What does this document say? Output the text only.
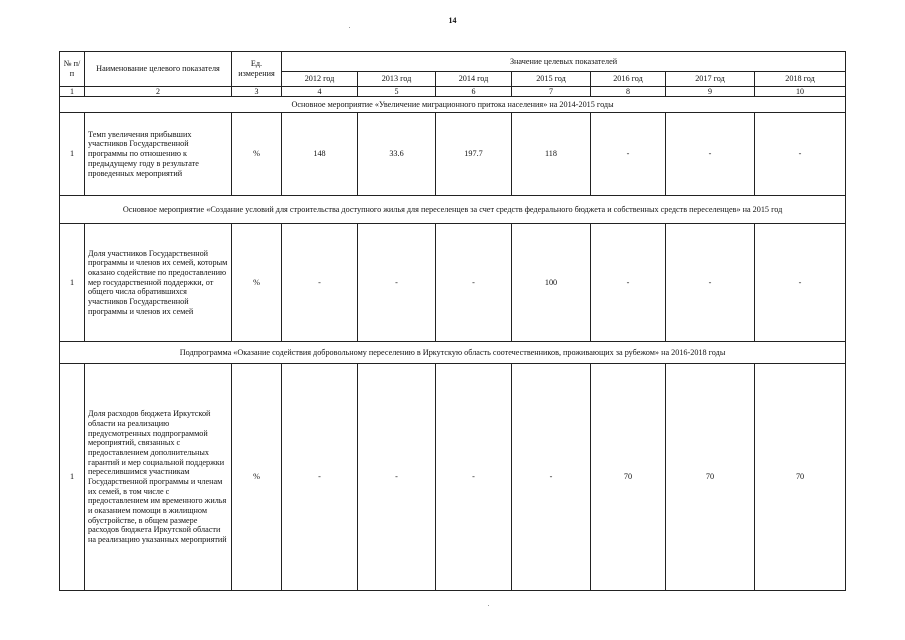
14
№ п/п	Наименование целевого показателя	Ед. измерения	Значение целевых показателей						
			2012 год	2013 год	2014 год	2015 год	2016 год	2017 год	2018 год
1	2	3	4	5	6	7	8	9	10
Основное мероприятие «Увеличение миграционного притока населения» на 2014-2015 годы									
1	Темп увеличения прибывших участников Государственной программы по отношению к предыдущему году в результате проведенных мероприятий	%	148	33.6	197.7	118	-	-	-
Основное мероприятие «Создание условий для строительства доступного жилья для переселенцев за счет средств федерального бюджета и собственных средств переселенцев» на 2015 год									
1	Доля участников Государственной программы и членов их семей, которым оказано содействие по предоставлению мер государственной поддержки, от общего числа обратившихся участников Государственной программы и членов их семей	%	-	-	-	100	-	-	-
Подпрограмма «Оказание содействия добровольному переселению в Иркутскую область соотечественников, проживающих за рубежом» на 2016-2018 годы									
1	Доля расходов бюджета Иркутской области на реализацию предусмотренных подпрограммой мероприятий, связанных с предоставлением дополнительных гарантий и мер социальной поддержки переселившимся участникам Государственной программы и членам их семей, в том числе с предоставлением им временного жилья и оказанием помощи в жилищном обустройстве, в общем размере расходов бюджета Иркутской области на реализацию указанных мероприятий	%	-	-	-	-	70	70	70
